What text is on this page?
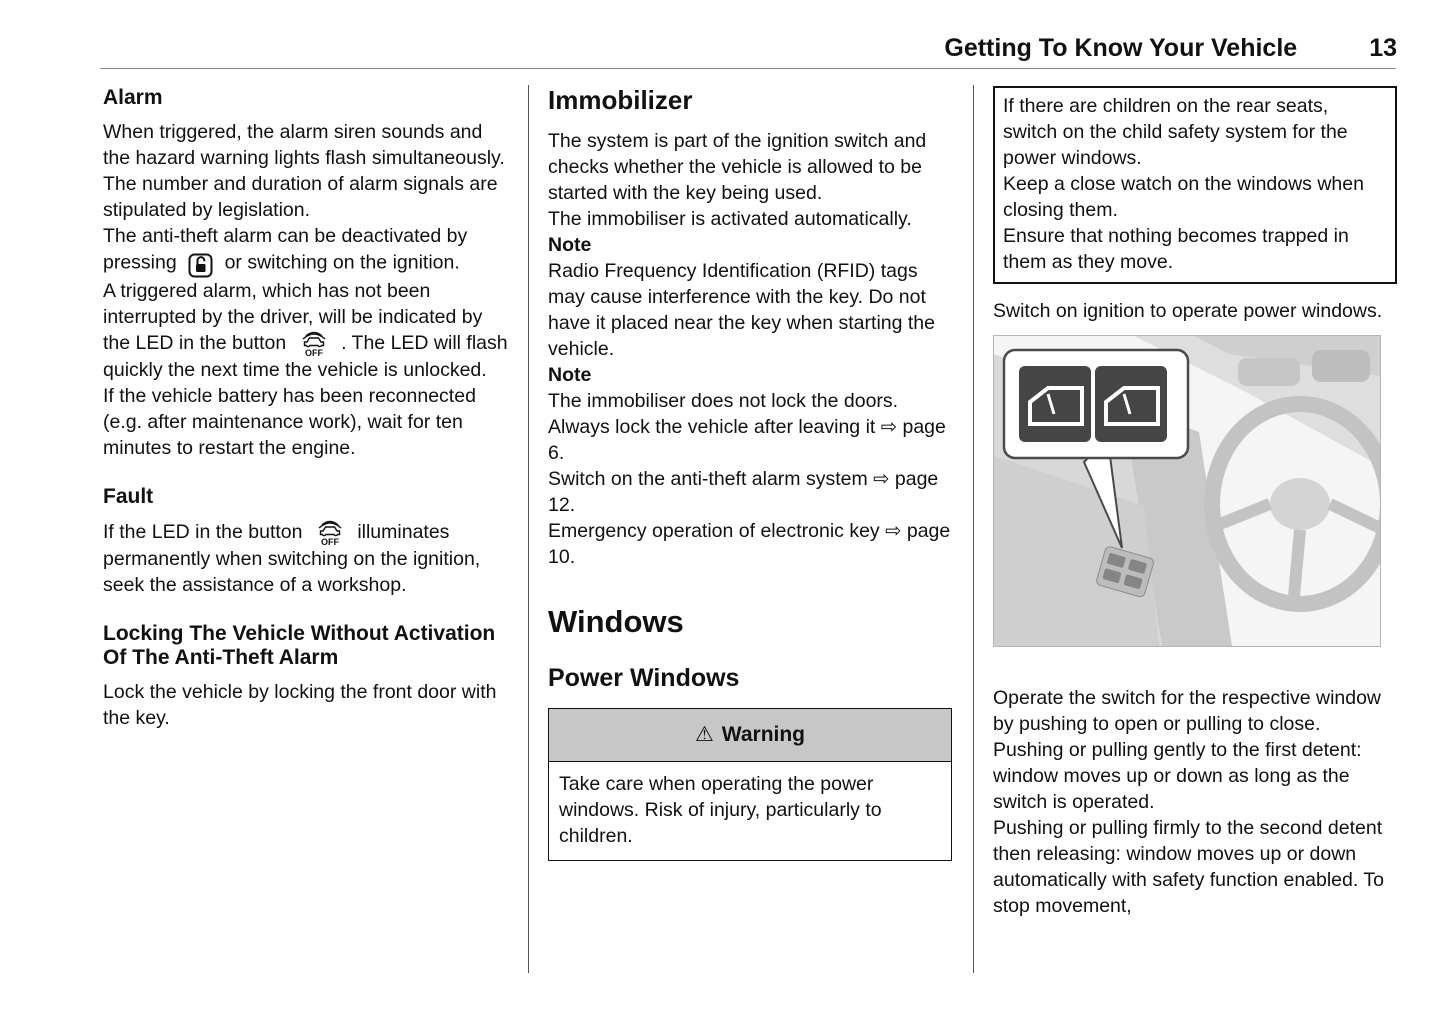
Getting To Know Your Vehicle	13
Alarm

When triggered, the alarm siren sounds and the hazard warning lights flash simultaneously. The number and duration of alarm signals are stipulated by legislation.

The anti-theft alarm can be deactivated by pressing or switching on the ignition.

A triggered alarm, which has not been interrupted by the driver, will be indicated by the LED in the button OFF . The LED will flash quickly the next time the vehicle is unlocked.

If the vehicle battery has been reconnected (e.g. after maintenance work), wait for ten minutes to restart the engine.

Fault

If the LED in the button OFF illuminates permanently when switching on the ignition, seek the assistance of a workshop.

Locking The Vehicle Without Activation Of The Anti-Theft Alarm

Lock the vehicle by locking the front door with the key.

Immobilizer

The system is part of the ignition switch and checks whether the vehicle is allowed to be started with the key being used.

The immobiliser is activated automatically.

Note

Radio Frequency Identification (RFID) tags may cause interference with the key. Do not have it placed near the key when starting the vehicle.

Note

The immobiliser does not lock the doors. Always lock the vehicle after leaving it ⇨ page 6.

Switch on the anti-theft alarm system ⇨ page 12.

Emergency operation of electronic key ⇨ page 10.

Windows
Power Windows
⚠ Warning
Take care when operating the power windows. Risk of injury, particularly to children.

If there are children on the rear seats, switch on the child safety system for the power windows.

Keep a close watch on the windows when closing them.

Ensure that nothing becomes trapped in them as they move.

Switch on ignition to operate power windows.

Operate the switch for the respective window by pushing to open or pulling to close.

Pushing or pulling gently to the first detent: window moves up or down as long as the switch is operated.

Pushing or pulling firmly to the second detent then releasing: window moves up or down automatically with safety function enabled. To stop movement,
